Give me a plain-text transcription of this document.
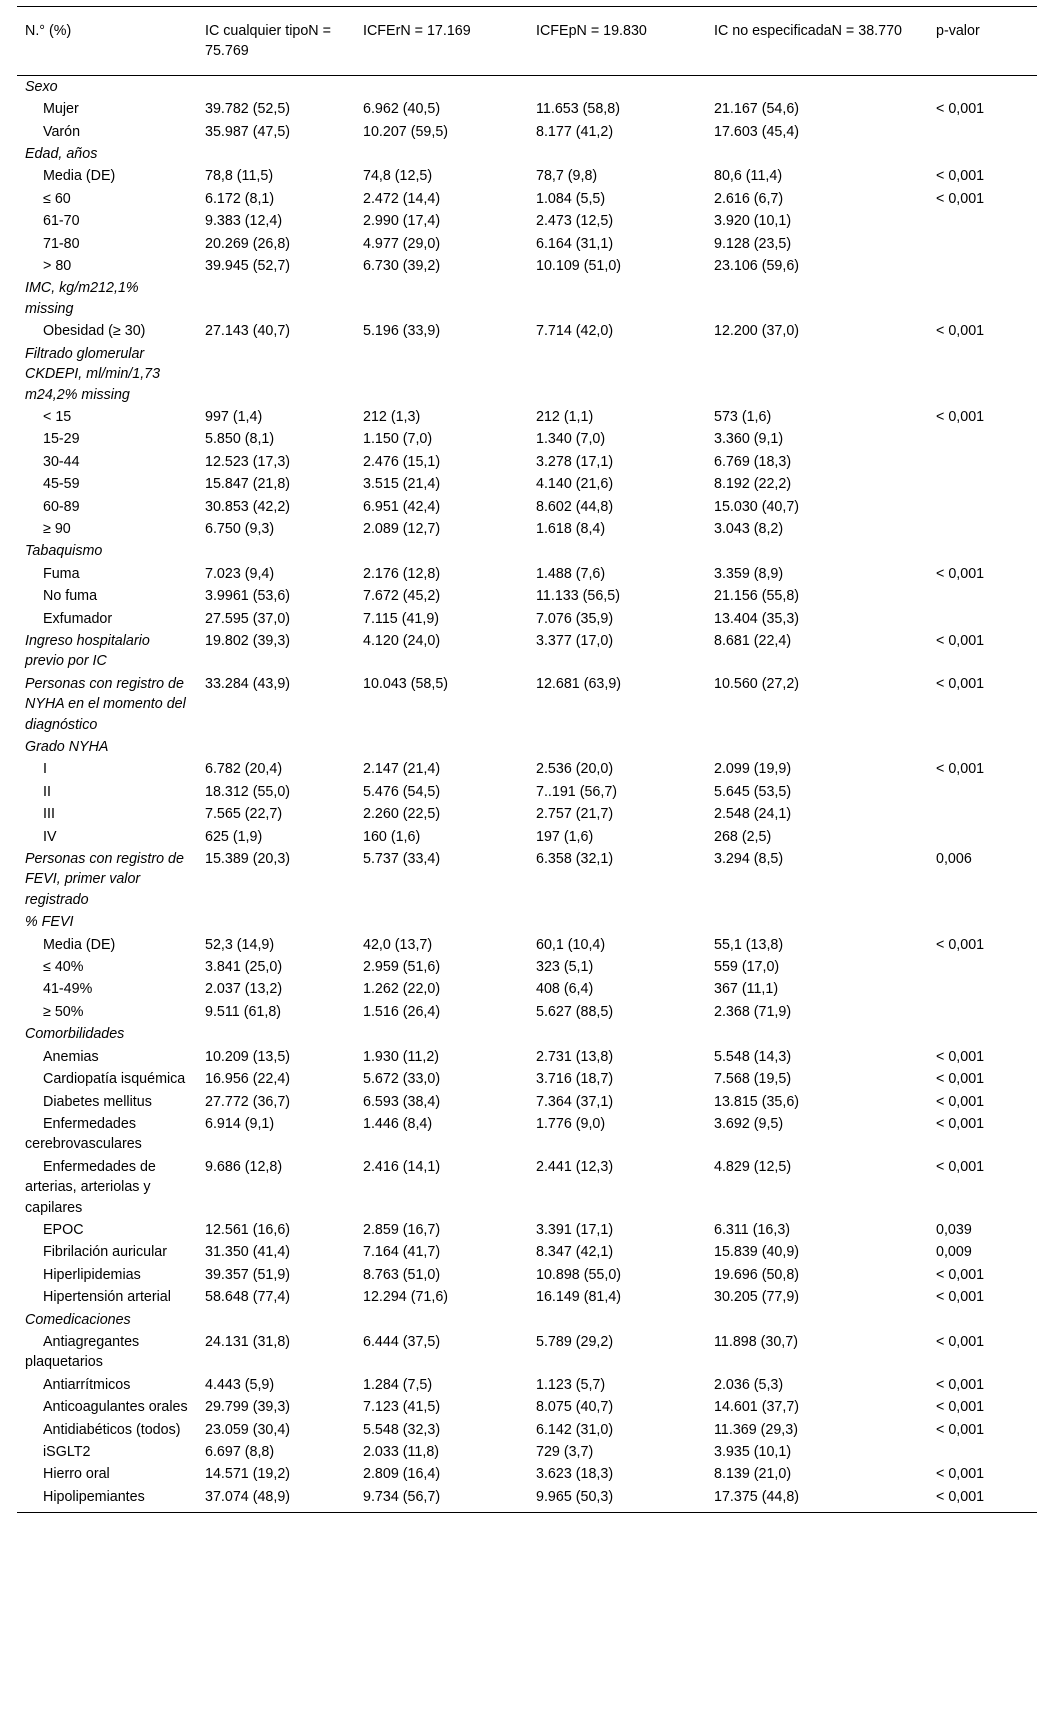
N.° (%)	IC cualquier tipoN = 75.769	ICFErN = 17.169	ICFEpN = 19.830	IC no especificadaN = 38.770	p-valor
Sexo					
Mujer	39.782 (52,5)	6.962 (40,5)	11.653 (58,8)	21.167 (54,6)	< 0,001
Varón	35.987 (47,5)	10.207 (59,5)	8.177 (41,2)	17.603 (45,4)	
Edad, años					
Media (DE)	78,8 (11,5)	74,8 (12,5)	78,7 (9,8)	80,6 (11,4)	< 0,001
≤ 60	6.172 (8,1)	2.472 (14,4)	1.084 (5,5)	2.616 (6,7)	< 0,001
61-70	9.383 (12,4)	2.990 (17,4)	2.473 (12,5)	3.920 (10,1)	
71-80	20.269 (26,8)	4.977 (29,0)	6.164 (31,1)	9.128 (23,5)	
> 80	39.945 (52,7)	6.730 (39,2)	10.109 (51,0)	23.106 (59,6)	
IMC, kg/m212,1% missing					
Obesidad (≥ 30)	27.143 (40,7)	5.196 (33,9)	7.714 (42,0)	12.200 (37,0)	< 0,001
Filtrado glomerular CKDEPI, ml/min/1,73 m24,2% missing					
< 15	997 (1,4)	212 (1,3)	212 (1,1)	573 (1,6)	< 0,001
15-29	5.850 (8,1)	1.150 (7,0)	1.340 (7,0)	3.360 (9,1)	
30-44	12.523 (17,3)	2.476 (15,1)	3.278 (17,1)	6.769 (18,3)	
45-59	15.847 (21,8)	3.515 (21,4)	4.140 (21,6)	8.192 (22,2)	
60-89	30.853 (42,2)	6.951 (42,4)	8.602 (44,8)	15.030 (40,7)	
≥ 90	6.750 (9,3)	2.089 (12,7)	1.618 (8,4)	3.043 (8,2)	
Tabaquismo					
Fuma	7.023 (9,4)	2.176 (12,8)	1.488 (7,6)	3.359 (8,9)	< 0,001
No fuma	3.9961 (53,6)	7.672 (45,2)	11.133 (56,5)	21.156 (55,8)	
Exfumador	27.595 (37,0)	7.115 (41,9)	7.076 (35,9)	13.404 (35,3)	
Ingreso hospitalario previo por IC	19.802 (39,3)	4.120 (24,0)	3.377 (17,0)	8.681 (22,4)	< 0,001
Personas con registro de NYHA en el momento del diagnóstico	33.284 (43,9)	10.043 (58,5)	12.681 (63,9)	10.560 (27,2)	< 0,001
Grado NYHA					
I	6.782 (20,4)	2.147 (21,4)	2.536 (20,0)	2.099 (19,9)	< 0,001
II	18.312 (55,0)	5.476 (54,5)	7..191 (56,7)	5.645 (53,5)	
III	7.565 (22,7)	2.260 (22,5)	2.757 (21,7)	2.548 (24,1)	
IV	625 (1,9)	160 (1,6)	197 (1,6)	268 (2,5)	
Personas con registro de FEVI, primer valor registrado	15.389 (20,3)	5.737 (33,4)	6.358 (32,1)	3.294 (8,5)	0,006
% FEVI					
Media (DE)	52,3 (14,9)	42,0 (13,7)	60,1 (10,4)	55,1 (13,8)	< 0,001
≤ 40%	3.841 (25,0)	2.959 (51,6)	323 (5,1)	559 (17,0)	
41-49%	2.037 (13,2)	1.262 (22,0)	408 (6,4)	367 (11,1)	
≥ 50%	9.511 (61,8)	1.516 (26,4)	5.627 (88,5)	2.368 (71,9)	
Comorbilidades					
Anemias	10.209 (13,5)	1.930 (11,2)	2.731 (13,8)	5.548 (14,3)	< 0,001
Cardiopatía isquémica	16.956 (22,4)	5.672 (33,0)	3.716 (18,7)	7.568 (19,5)	< 0,001
Diabetes mellitus	27.772 (36,7)	6.593 (38,4)	7.364 (37,1)	13.815 (35,6)	< 0,001
Enfermedades cerebrovasculares	6.914 (9,1)	1.446 (8,4)	1.776 (9,0)	3.692 (9,5)	< 0,001
Enfermedades de arterias, arteriolas y capilares	9.686 (12,8)	2.416 (14,1)	2.441 (12,3)	4.829 (12,5)	< 0,001
EPOC	12.561 (16,6)	2.859 (16,7)	3.391 (17,1)	6.311 (16,3)	0,039
Fibrilación auricular	31.350 (41,4)	7.164 (41,7)	8.347 (42,1)	15.839 (40,9)	0,009
Hiperlipidemias	39.357 (51,9)	8.763 (51,0)	10.898 (55,0)	19.696 (50,8)	< 0,001
Hipertensión arterial	58.648 (77,4)	12.294 (71,6)	16.149 (81,4)	30.205 (77,9)	< 0,001
Comedicaciones					
Antiagregantes plaquetarios	24.131 (31,8)	6.444 (37,5)	5.789 (29,2)	11.898 (30,7)	< 0,001
Antiarrítmicos	4.443 (5,9)	1.284 (7,5)	1.123 (5,7)	2.036 (5,3)	< 0,001
Anticoagulantes orales	29.799 (39,3)	7.123 (41,5)	8.075 (40,7)	14.601 (37,7)	< 0,001
Antidiabéticos (todos)	23.059 (30,4)	5.548 (32,3)	6.142 (31,0)	11.369 (29,3)	< 0,001
iSGLT2	6.697 (8,8)	2.033 (11,8)	729 (3,7)	3.935 (10,1)	
Hierro oral	14.571 (19,2)	2.809 (16,4)	3.623 (18,3)	8.139 (21,0)	< 0,001
Hipolipemiantes	37.074 (48,9)	9.734 (56,7)	9.965 (50,3)	17.375 (44,8)	< 0,001
